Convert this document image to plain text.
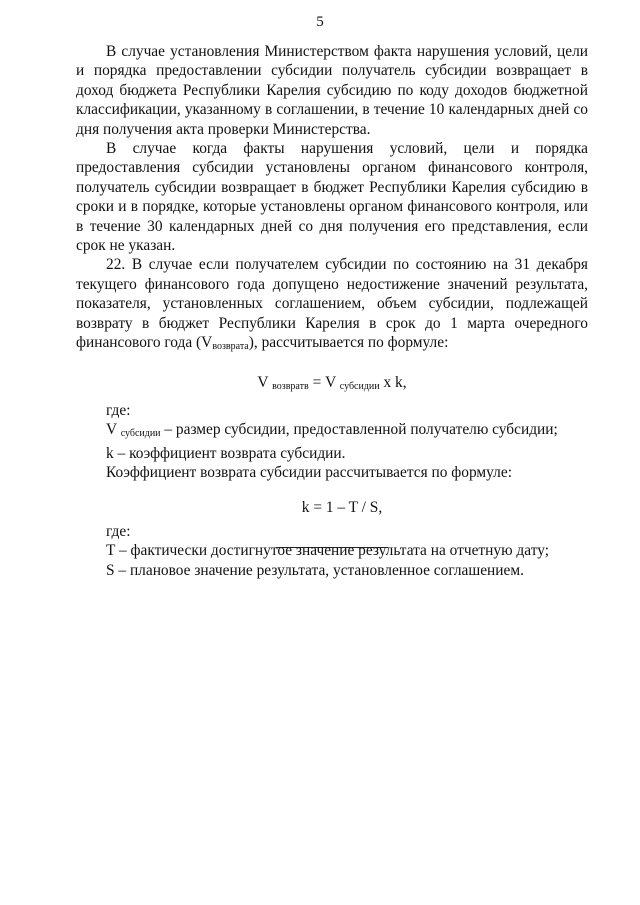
5

В случае установления Министерством факта нарушения условий, цели и порядка предоставлении субсидии получатель субсидии возвращает в доход бюджета Республики Карелия субсидию по коду доходов бюджетной классификации, указанному в соглашении, в течение 10 календарных дней со дня получения акта проверки Министерства.

В случае когда факты нарушения условий, цели и порядка предоставления субсидии установлены органом финансового контроля, получатель субсидии возвращает в бюджет Республики Карелия субсидию в сроки и в порядке, которые установлены органом финансового контроля, или в течение 30 календарных дней со дня получения его представления, если срок не указан.

22. В случае если получателем субсидии по состоянию на 31 декабря текущего финансового года допущено недостижение значений результата, показателя, установленных соглашением, объем субсидии, подлежащей возврату в бюджет Республики Карелия в срок до 1 марта очередного финансового года $(V_{возврата})$, рассчитывается по формуле:

V $_{возвратв}$ = V $_{субсидии}$ x k,

где:

V $_{субсидии}$ – размер субсидии, предоставленной получателю субсидии;

k – коэффициент возврата субсидии.

Коэффициент возврата субсидии рассчитывается по формуле:

k = 1 – T / S,

где:

T – фактически достигнутое значение результата на отчетную дату;

S – плановое значение результата, установленное соглашением.
